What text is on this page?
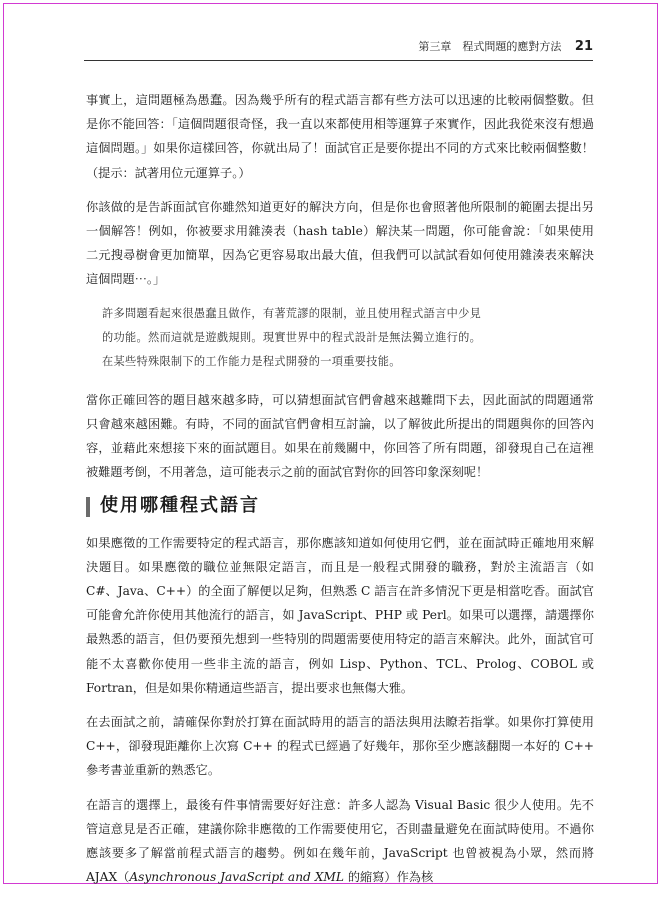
第三章　程式問題的應對方法 21

事實上，這問題極為愚蠢。因為幾乎所有的程式語言都有些方法可以迅速的比較兩個整數。但是你不能回答：「這個問題很奇怪，我一直以來都使用相等運算子來實作，因此我從來沒有想過這個問題。」如果你這樣回答，你就出局了！面試官正是要你提出不同的方式來比較兩個整數！（提示：試著用位元運算子。）

你該做的是告訴面試官你雖然知道更好的解決方向，但是你也會照著他所限制的範圍去提出另一個解答！例如，你被要求用雜湊表（hash table）解決某一問題，你可能會說：「如果使用二元搜尋樹會更加簡單，因為它更容易取出最大值，但我們可以試試看如何使用雜湊表來解決這個問題⋯。」

許多問題看起來很愚蠢且做作，有著荒謬的限制，並且使用程式語言中少見
的功能。然而這就是遊戲規則。現實世界中的程式設計是無法獨立進行的。
在某些特殊限制下的工作能力是程式開發的一項重要技能。

當你正確回答的題目越來越多時，可以猜想面試官們會越來越難問下去，因此面試的問題通常只會越來越困難。有時，不同的面試官們會相互討論，以了解彼此所提出的問題與你的回答內容，並藉此來想接下來的面試題目。如果在前幾關中，你回答了所有問題，卻發現自己在這裡被難題考倒，不用著急，這可能表示之前的面試官對你的回答印象深刻呢！

使用哪種程式語言

如果應徵的工作需要特定的程式語言，那你應該知道如何使用它們，並在面試時正確地用來解決題目。如果應徵的職位並無限定語言，而且是一般程式開發的職務，對於主流語言（如 C#、Java、C++）的全面了解便以足夠，但熟悉 C 語言在許多情況下更是相當吃香。面試官可能會允許你使用其他流行的語言，如 JavaScript、PHP 或 Perl。如果可以選擇，請選擇你最熟悉的語言，但仍要預先想到一些特別的問題需要使用特定的語言來解決。此外，面試官可能不太喜歡你使用一些非主流的語言，例如 Lisp、Python、TCL、Prolog、COBOL 或 Fortran，但是如果你精通這些語言，提出要求也無傷大雅。

在去面試之前，請確保你對於打算在面試時用的語言的語法與用法瞭若指掌。如果你打算使用 C++，卻發現距離你上次寫 C++ 的程式已經過了好幾年，那你至少應該翻閱一本好的 C++ 參考書並重新的熟悉它。

在語言的選擇上，最後有件事情需要好好注意：許多人認為 Visual Basic 很少人使用。先不管這意見是否正確，建議你除非應徵的工作需要使用它，否則盡量避免在面試時使用。不過你應該要多了解當前程式語言的趨勢。例如在幾年前，JavaScript 也曾被視為小眾，然而將 AJAX（Asynchronous JavaScript and XML 的縮寫）作為核
